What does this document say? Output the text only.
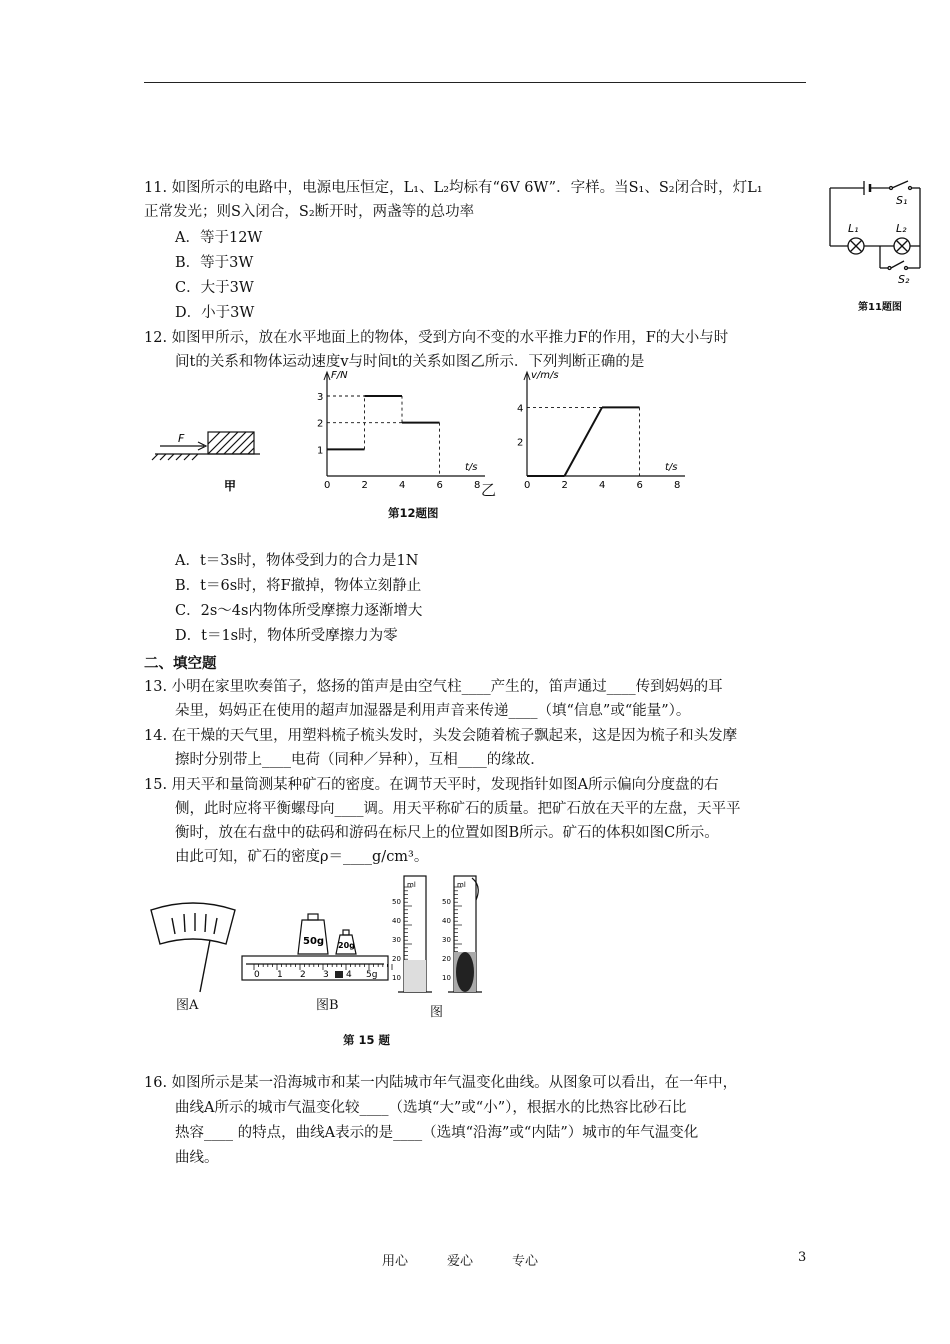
11. 如图所示的电路中，电源电压恒定，L₁、L₂均标有“6V 6W”．字样。当S₁、S₂闭合时，灯L₁
正常发光；则S入闭合，S₂断开时，两盏等的总功率
A．等于12W
B．等于3W
C．大于3W
D．小于3W
S₁
L₁	L₂
S₂
第11题图
12. 如图甲所示，放在水平地面上的物体，受到方向不变的水平推力F的作用，F的大小与时
间t的关系和物体运动速度v与时间t的关系如图乙所示．下列判断正确的是
F
甲
t/s
F/N
0	2	4	6	8
1
2
3
t/s
v/m/s
0	2	4	6	8
2
4
乙
第12题图
A．t＝3s时，物体受到力的合力是1N
B．t＝6s时，将F撤掉，物体立刻静止
C．2s～4s内物体所受摩擦力逐渐增大
D．t＝1s时，物体所受摩擦力为零
二、填空题
13. 小明在家里吹奏笛子，悠扬的笛声是由空气柱____产生的，笛声通过____传到妈妈的耳
朵里，妈妈正在使用的超声加湿器是利用声音来传递____（填“信息”或“能量”）。
14. 在干燥的天气里，用塑料梳子梳头发时，头发会随着梳子飘起来，这是因为梳子和头发摩
擦时分别带上____电荷（同种／异种），互相____的缘故．
15. 用天平和量筒测某种矿石的密度。在调节天平时，发现指针如图A所示偏向分度盘的右
侧，此时应将平衡螺母向____调。用天平称矿石的质量。把矿石放在天平的左盘，天平平
衡时，放在右盘中的砝码和游码在标尺上的位置如图B所示。矿石的体积如图C所示。
由此可知，矿石的密度ρ＝____g/cm³。
图A
50g 20g
0 1 2 3 4 5g
图B
ml	ml
50
40
30
20
10
50
40
30
20
10
图
第 15 题
16. 如图所示是某一沿海城市和某一内陆城市年气温变化曲线。从图象可以看出，在一年中，
曲线A所示的城市气温变化较____（选填“大”或“小”），根据水的比热容比砂石比
热容____ 的特点，曲线A表示的是____（选填“沿海”或“内陆”）城市的年气温变化
曲线。
用心	爱心	专心	3
